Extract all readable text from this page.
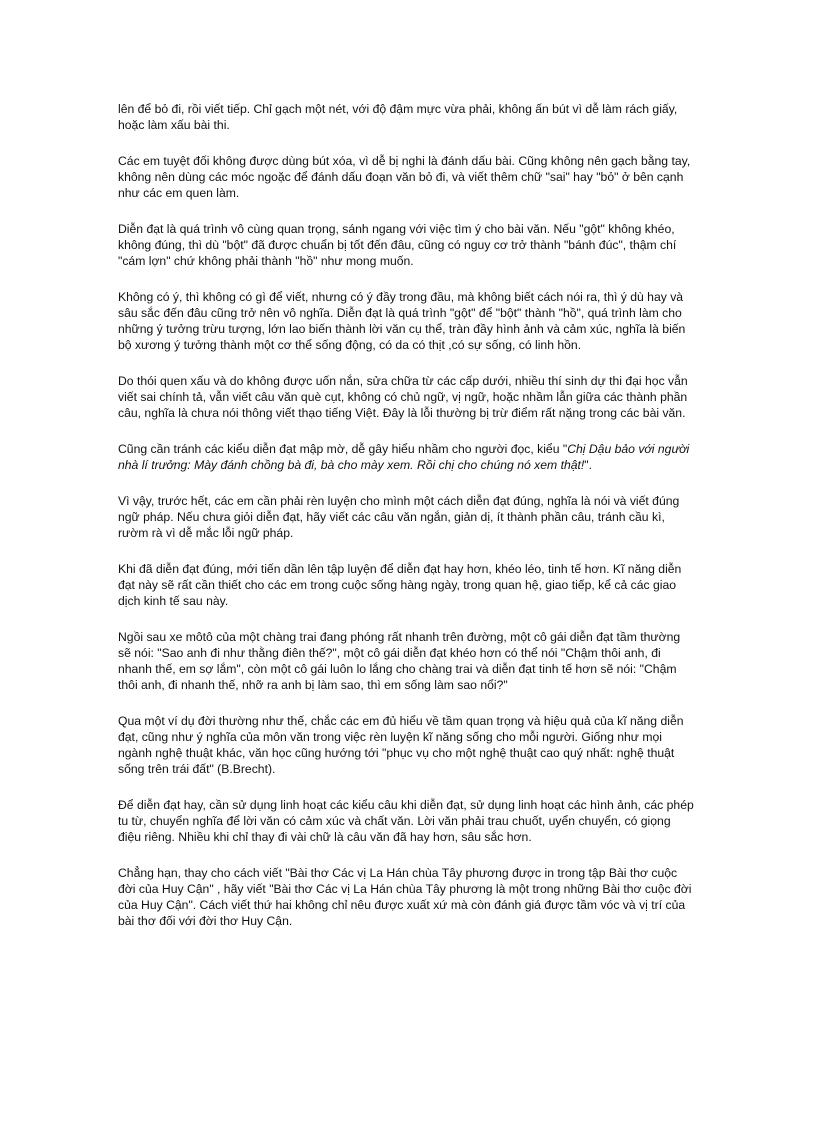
lên để bỏ đi, rồi viết tiếp. Chỉ gạch một nét, với độ đậm mực vừa phải, không ấn bút vì dễ làm rách giấy, hoặc làm xấu bài thi.

Các em tuyệt đối không được dùng bút xóa, vì dễ bị nghi là đánh dấu bài. Cũng không nên gạch bằng tay, không nên dùng các móc ngoặc để đánh dấu đoạn văn bỏ đi, và viết thêm chữ "sai" hay "bỏ" ở bên cạnh như các em quen làm.

Diễn đạt là quá trình vô cùng quan trọng, sánh ngang với việc tìm ý cho bài văn. Nếu "gột" không khéo, không đúng, thì dù "bột" đã được chuẩn bị tốt đến đâu, cũng có nguy cơ trở thành "bánh đúc", thậm chí "cám lợn" chứ không phải thành "hồ" như mong muốn.

Không có ý, thì không có gì để viết, nhưng có ý đầy trong đầu, mà không biết cách nói ra, thì ý dù hay và sâu sắc đến đâu cũng trở nên vô nghĩa. Diễn đạt là quá trình "gột" để "bột" thành "hồ", quá trình làm cho những ý tưởng trừu tượng, lớn lao biến thành lời văn cụ thể, tràn đầy hình ảnh và cảm xúc, nghĩa là biến bộ xương ý tưởng thành một cơ thể sống động, có da có thịt ,có sự sống, có linh hồn.

Do thói quen xấu và do không được uốn nắn, sửa chữa từ các cấp dưới, nhiều thí sinh dự thi đại học vẫn viết sai chính tả, vẫn viết câu văn què cụt, không có chủ ngữ, vị ngữ, hoặc nhầm lẫn giữa các thành phần câu, nghĩa là chưa nói thông viết thạo tiếng Việt. Đây là lỗi thường bị trừ điểm rất nặng trong các bài văn.

Cũng cần tránh các kiểu diễn đạt mập mờ, dễ gây hiểu nhầm cho người đọc, kiểu "Chị Dậu bảo với người nhà lí trưởng: Mày đánh chồng bà đi, bà cho mày xem. Rồi chị cho chúng nó xem thật!".

Vì vậy, trước hết, các em cần phải rèn luyện cho mình một cách diễn đạt đúng, nghĩa là nói và viết đúng ngữ pháp. Nếu chưa giỏi diễn đạt, hãy viết các câu văn ngắn, giản dị, ít thành phần câu, tránh cầu kì, rườm rà vì dễ mắc lỗi ngữ pháp.

Khi đã diễn đạt đúng, mới tiến dần lên tập luyện để diễn đạt hay hơn, khéo léo, tinh tế hơn. Kĩ năng diễn đạt này sẽ rất cần thiết cho các em trong cuộc sống hàng ngày, trong quan hệ, giao tiếp, kể cả các giao dịch kinh tế sau này.

Ngồi sau xe môtô của một chàng trai đang phóng rất nhanh trên đường, một cô gái diễn đạt tầm thường sẽ nói: "Sao anh đi như thằng điên thế?", một cô gái diễn đạt khéo hơn có thể nói "Chậm thôi anh, đi nhanh thế, em sợ lắm", còn một cô gái luôn lo lắng cho chàng trai và diễn đạt tinh tế hơn sẽ nói: "Chậm thôi anh, đi nhanh thế, nhỡ ra anh bị làm sao, thì em sống làm sao nổi?"

Qua một ví dụ đời thường như thế, chắc các em đủ hiểu về tầm quan trọng và hiệu quả của kĩ năng diễn đạt, cũng như ý nghĩa của môn văn trong việc rèn luyện kĩ năng sống cho mỗi người. Giống như mọi ngành nghệ thuật khác, văn học cũng hướng tới "phục vụ cho một nghệ thuật cao quý nhất: nghệ thuật sống trên trái đất" (B.Brecht).

Để diễn đạt hay, cần sử dụng linh hoạt các kiểu câu khi diễn đạt, sử dụng linh hoạt các hình ảnh, các phép tu từ, chuyển nghĩa để lời văn có cảm xúc và chất văn. Lời văn phải trau chuốt, uyển chuyển, có giọng điệu riêng. Nhiều khi chỉ thay đi vài chữ là câu văn đã hay hơn, sâu sắc hơn.

Chẳng hạn, thay cho cách viết "Bài thơ Các vị La Hán chùa Tây phương được in trong tập Bài thơ cuộc đời của Huy Cận" , hãy viết "Bài thơ Các vị La Hán chùa Tây phương là một trong những Bài thơ cuộc đời của Huy Cận". Cách viết thứ hai không chỉ nêu được xuất xứ mà còn đánh giá được tầm vóc và vị trí của bài thơ đối với đời thơ Huy Cận.
